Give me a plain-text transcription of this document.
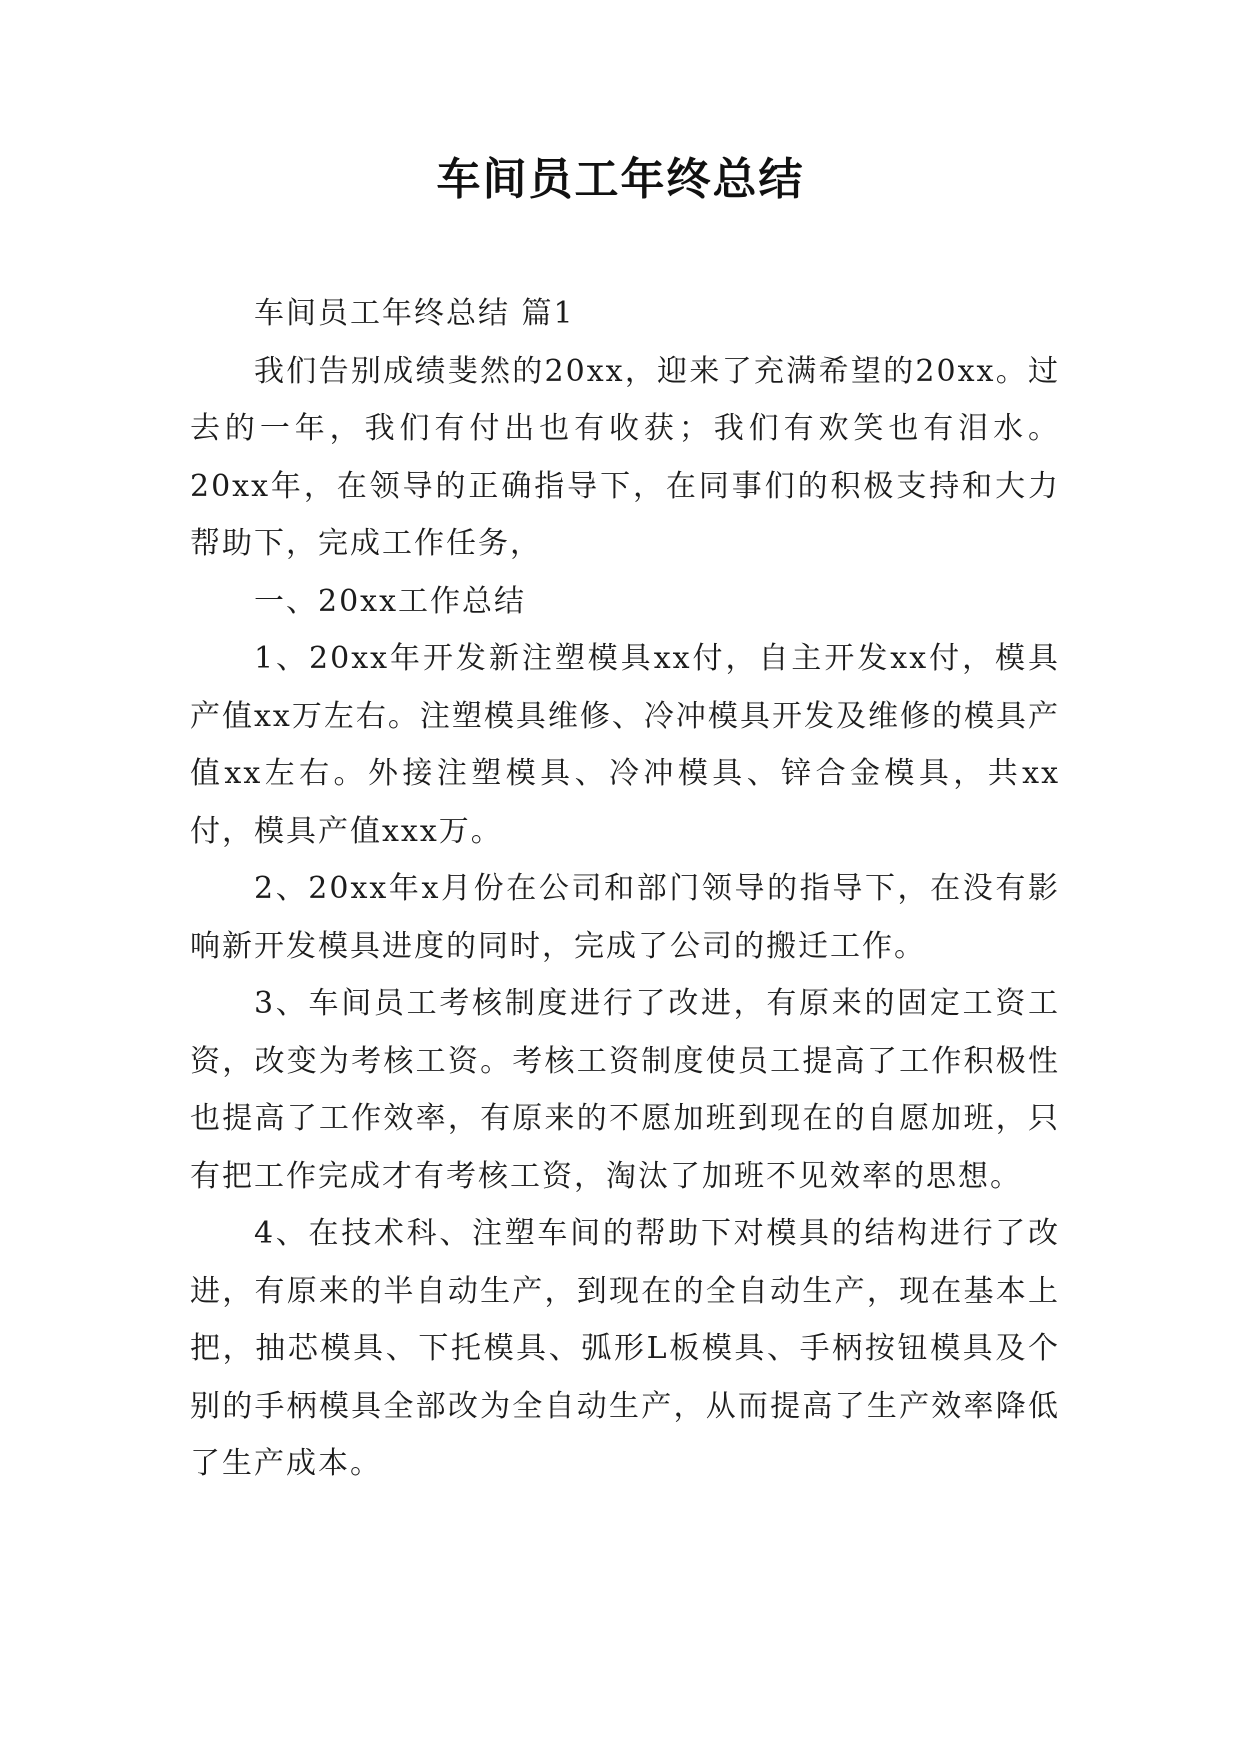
车间员工年终总结

车间员工年终总结 篇1

我们告别成绩斐然的20xx，迎来了充满希望的20xx。过去的一年，我们有付出也有收获；我们有欢笑也有泪水。20xx年，在领导的正确指导下，在同事们的积极支持和大力帮助下，完成工作任务，

一、20xx工作总结

1、20xx年开发新注塑模具xx付，自主开发xx付，模具产值xx万左右。注塑模具维修、冷冲模具开发及维修的模具产值xx左右。外接注塑模具、冷冲模具、锌合金模具，共xx付，模具产值xxx万。

2、20xx年x月份在公司和部门领导的指导下，在没有影响新开发模具进度的同时，完成了公司的搬迁工作。

3、车间员工考核制度进行了改进，有原来的固定工资工资，改变为考核工资。考核工资制度使员工提高了工作积极性也提高了工作效率，有原来的不愿加班到现在的自愿加班，只有把工作完成才有考核工资，淘汰了加班不见效率的思想。

4、在技术科、注塑车间的帮助下对模具的结构进行了改进，有原来的半自动生产，到现在的全自动生产，现在基本上把，抽芯模具、下托模具、弧形L板模具、手柄按钮模具及个别的手柄模具全部改为全自动生产，从而提高了生产效率降低了生产成本。
